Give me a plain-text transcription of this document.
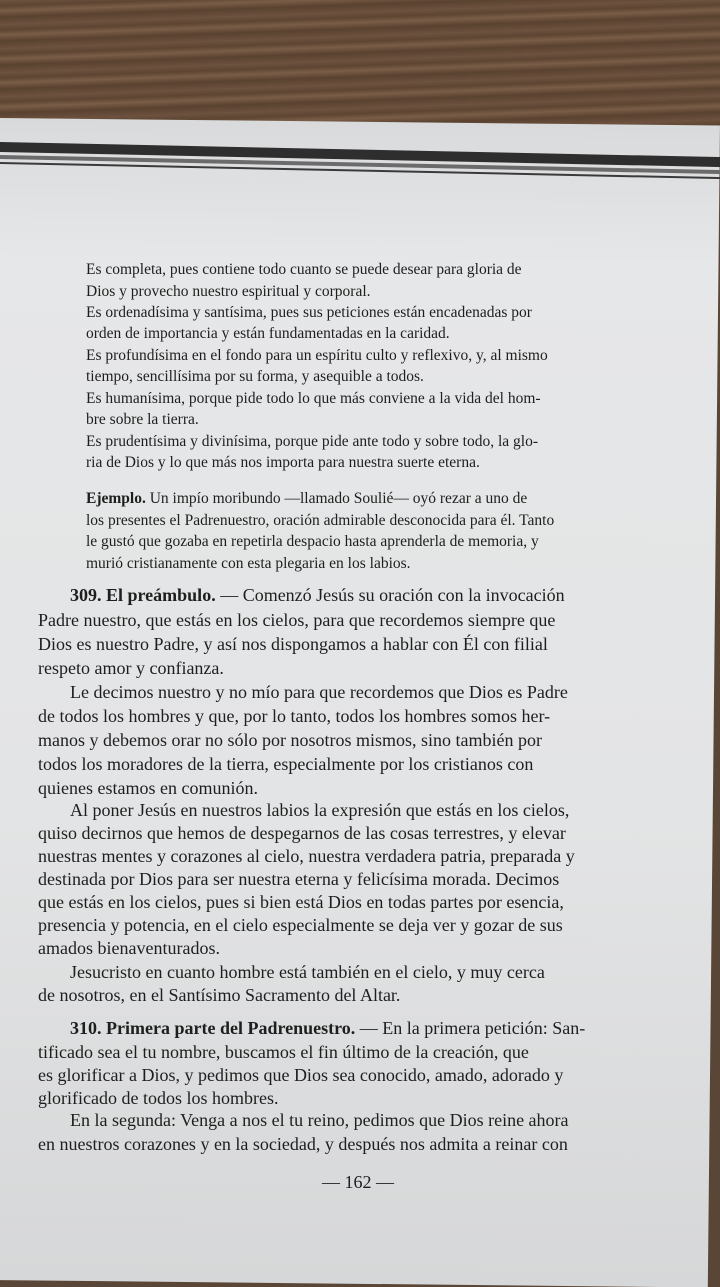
Es completa, pues contiene todo cuanto se puede desear para gloria de
Dios y provecho nuestro espiritual y corporal.
Es ordenadísima y santísima, pues sus peticiones están encadenadas por
orden de importancia y están fundamentadas en la caridad.
Es profundísima en el fondo para un espíritu culto y reflexivo, y, al mismo
tiempo, sencillísima por su forma, y asequible a todos.
Es humanísima, porque pide todo lo que más conviene a la vida del hom-
bre sobre la tierra.
Es prudentísima y divinísima, porque pide ante todo y sobre todo, la glo-
ria de Dios y lo que más nos importa para nuestra suerte eterna.
Ejemplo. Un impío moribundo —llamado Soulié— oyó rezar a uno de
los presentes el Padrenuestro, oración admirable desconocida para él. Tanto
le gustó que gozaba en repetirla despacio hasta aprenderla de memoria, y
murió cristianamente con esta plegaria en los labios.
309. El preámbulo. — Comenzó Jesús su oración con la invocación
Padre nuestro, que estás en los cielos, para que recordemos siempre que
Dios es nuestro Padre, y así nos dispongamos a hablar con Él con filial
respeto amor y confianza.
Le decimos nuestro y no mío para que recordemos que Dios es Padre
de todos los hombres y que, por lo tanto, todos los hombres somos her-
manos y debemos orar no sólo por nosotros mismos, sino también por
todos los moradores de la tierra, especialmente por los cristianos con
quienes estamos en comunión.
Al poner Jesús en nuestros labios la expresión que estás en los cielos,
quiso decirnos que hemos de despegarnos de las cosas terrestres, y elevar
nuestras mentes y corazones al cielo, nuestra verdadera patria, preparada y
destinada por Dios para ser nuestra eterna y felicísima morada. Decimos
que estás en los cielos, pues si bien está Dios en todas partes por esencia,
presencia y potencia, en el cielo especialmente se deja ver y gozar de sus
amados bienaventurados.
Jesucristo en cuanto hombre está también en el cielo, y muy cerca
de nosotros, en el Santísimo Sacramento del Altar.
310. Primera parte del Padrenuestro. — En la primera petición: San-
tificado sea el tu nombre, buscamos el fin último de la creación, que
es glorificar a Dios, y pedimos que Dios sea conocido, amado, adorado y
glorificado de todos los hombres.
En la segunda: Venga a nos el tu reino, pedimos que Dios reine ahora
en nuestros corazones y en la sociedad, y después nos admita a reinar con
— 162 —
